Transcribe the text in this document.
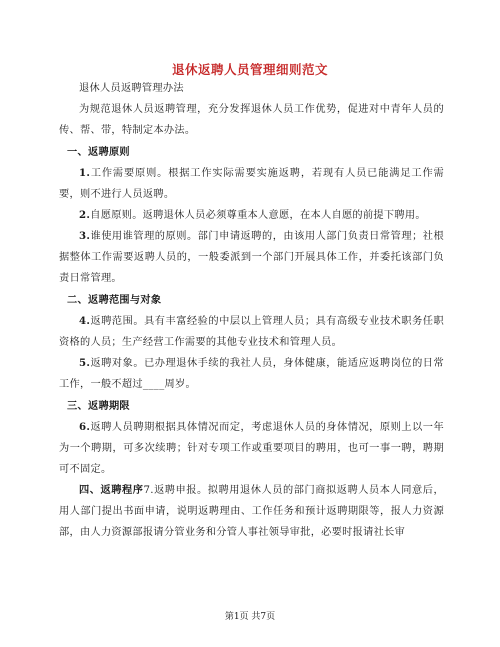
退休返聘人员管理细则范文

退休人员返聘管理办法

为规范退休人员返聘管理，充分发挥退休人员工作优势，促进对中青年人员的传、帮、带，特制定本办法。

一、返聘原则

1.工作需要原则。根据工作实际需要实施返聘，若现有人员已能满足工作需要，则不进行人员返聘。

2.自愿原则。返聘退休人员必须尊重本人意愿，在本人自愿的前提下聘用。

3.谁使用谁管理的原则。部门申请返聘的，由该用人部门负责日常管理；社根据整体工作需要返聘人员的，一般委派到一个部门开展具体工作，并委托该部门负责日常管理。

二、返聘范围与对象

4.返聘范围。具有丰富经验的中层以上管理人员；具有高级专业技术职务任职资格的人员；生产经营工作需要的其他专业技术和管理人员。

5.返聘对象。已办理退休手续的我社人员，身体健康，能适应返聘岗位的日常工作，一般不超过____周岁。

三、返聘期限

6.返聘人员聘期根据具体情况而定，考虑退休人员的身体情况，原则上以一年为一个聘期，可多次续聘；针对专项工作或重要项目的聘用，也可一事一聘，聘期可不固定。

四、返聘程序7.返聘申报。拟聘用退休人员的部门商拟返聘人员本人同意后，用人部门提出书面申请，说明返聘理由、工作任务和预计返聘期限等，报人力资源部，由人力资源部报请分管业务和分管人事社领导审批，必要时报请社长审

第1页 共7页
